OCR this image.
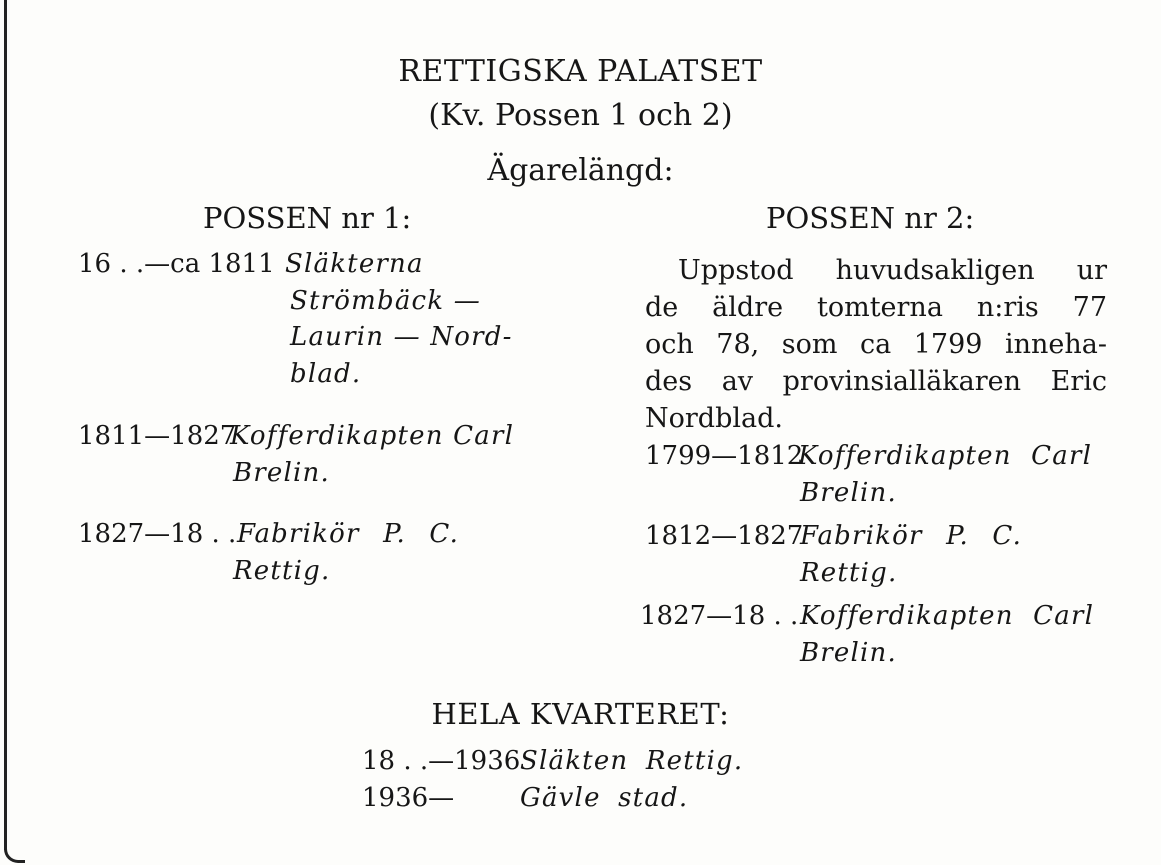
RETTIGSKA PALATSET
(Kv. Possen 1 och 2)
Ägarelängd:
POSSEN nr 1:
16 . .—ca 1811 Släkterna
Strömbäck —
Laurin — Nord-
blad.
1811—1827
Kofferdikapten Carl
Brelin.
1827—18 . . Fabrikör P. C.
Rettig.
POSSEN nr 2:
Uppstod huvudsakligen ur
de äldre tomterna n:ris 77
och 78, som ca 1799 inneha-
des av provinsialläkaren Eric
Nordblad.
1799—1812
Kofferdikapten Carl
Brelin.
1812—1827
Fabrikör P. C.
Rettig.
1827—18 . . Kofferdikapten Carl
Brelin.
HELA KVARTERET:
18 . .—1936 Släkten Rettig.
1936—	Gävle stad.
